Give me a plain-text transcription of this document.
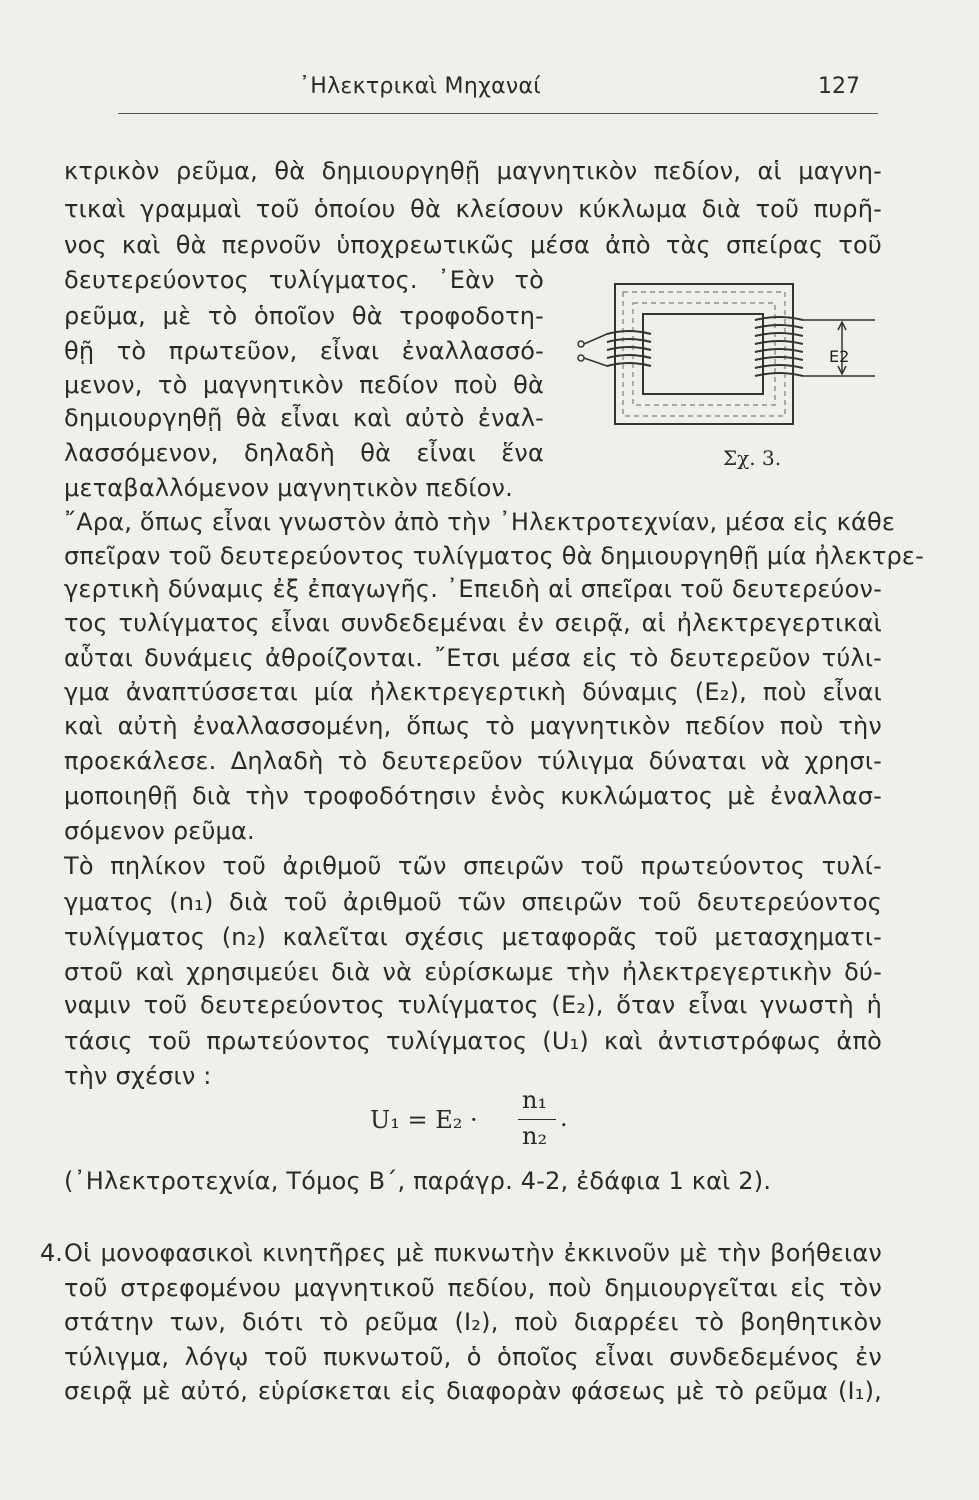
᾿Ηλεκτρικαὶ Μηχαναί	127
κτρικὸν ρεῦμα, θὰ δημιουργηθῇ μαγνητικὸν πεδίον, αἱ μαγνη-
τικαὶ γραμμαὶ τοῦ ὁποίου θὰ κλείσουν κύκλωμα διὰ τοῦ πυρῆ-
νος καὶ θὰ περνοῦν ὑποχρεωτικῶς μέσα ἀπὸ τὰς σπείρας τοῦ
δευτερεύοντος τυλίγματος. ᾿Εὰν τὸ
ρεῦμα, μὲ τὸ ὁποῖον θὰ τροφοδοτη-
θῇ τὸ πρωτεῦον, εἶναι ἐναλλασσό-
μενον, τὸ μαγνητικὸν πεδίον ποὺ θὰ
δημιουργηθῇ θὰ εἶναι καὶ αὐτὸ ἐναλ-
λασσόμενον, δηλαδὴ θὰ εἶναι ἕνα
μεταβαλλόμενον μαγνητικὸν πεδίον.
῎Αρα, ὅπως εἶναι γνωστὸν ἀπὸ τὴν ᾿Ηλεκτροτεχνίαν, μέσα εἰς κάθε
σπεῖραν τοῦ δευτερεύοντος τυλίγματος θὰ δημιουργηθῇ μία ἠλεκτρε-
γερτικὴ δύναμις ἐξ ἐπαγωγῆς. ᾿Επειδὴ αἱ σπεῖραι τοῦ δευτερεύον-
τος τυλίγματος εἶναι συνδεδεμέναι ἐν σειρᾷ, αἱ ἠλεκτρεγερτικαὶ
αὗται δυνάμεις ἀθροίζονται. ῎Ετσι μέσα εἰς τὸ δευτερεῦον τύλι-
γμα ἀναπτύσσεται μία ἠλεκτρεγερτικὴ δύναμις (E₂), ποὺ εἶναι
καὶ αὐτὴ ἐναλλασσομένη, ὅπως τὸ μαγνητικὸν πεδίον ποὺ τὴν
προεκάλεσε. Δηλαδὴ τὸ δευτερεῦον τύλιγμα δύναται νὰ χρησι-
μοποιηθῇ διὰ τὴν τροφοδότησιν ἑνὸς κυκλώματος μὲ ἐναλλασ-
σόμενον ρεῦμα.
Τὸ πηλίκον τοῦ ἀριθμοῦ τῶν σπειρῶν τοῦ πρωτεύοντος τυλί-
γματος (n₁) διὰ τοῦ ἀριθμοῦ τῶν σπειρῶν τοῦ δευτερεύοντος
τυλίγματος (n₂) καλεῖται σχέσις μεταφορᾶς τοῦ μετασχηματι-
στοῦ καὶ χρησιμεύει διὰ νὰ εὑρίσκωμε τὴν ἠλεκτρεγερτικὴν δύ-
ναμιν τοῦ δευτερεύοντος τυλίγματος (E₂), ὅταν εἶναι γνωστὴ ἡ
τάσις τοῦ πρωτεύοντος τυλίγματος (U₁) καὶ ἀντιστρόφως ἀπὸ
τὴν σχέσιν :
U₁ = E₂ ·
n₁
n₂
.
(᾿Ηλεκτροτεχνία, Τόμος Β΄, παράγρ. 4-2, ἐδάφια 1 καὶ 2).
4. Οἱ μονοφασικοὶ κινητῆρες μὲ πυκνωτὴν ἐκκινοῦν μὲ τὴν βοήθειαν
τοῦ στρεφομένου μαγνητικοῦ πεδίου, ποὺ δημιουργεῖται εἰς τὸν
στάτην των, διότι τὸ ρεῦμα (I₂), ποὺ διαρρέει τὸ βοηθητικὸν
τύλιγμα, λόγῳ τοῦ πυκνωτοῦ, ὁ ὁποῖος εἶναι συνδεδεμένος ἐν
σειρᾷ μὲ αὐτό, εὑρίσκεται εἰς διαφορὰν φάσεως μὲ τὸ ρεῦμα (I₁),
E2
Σχ. 3.
